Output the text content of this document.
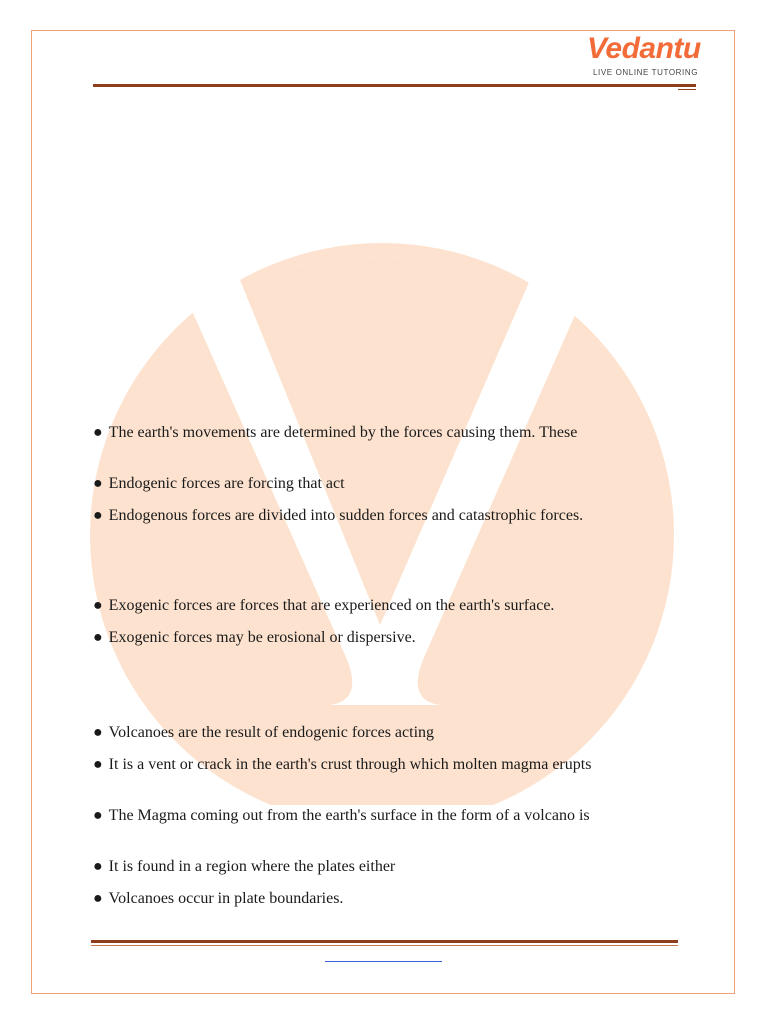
Vedantu
LIVE ONLINE TUTORING
● The earth's movements are determined by the forces causing them. These
● Endogenic forces are forcing that act
● Endogenous forces are divided into sudden forces and catastrophic forces.
● Exogenic forces are forces that are experienced on the earth's surface.
● Exogenic forces may be erosional or dispersive.
● Volcanoes are the result of endogenic forces acting
● It is a vent or crack in the earth's crust through which molten magma erupts
● The Magma coming out from the earth's surface in the form of a volcano is
● It is found in a region where the plates either
● Volcanoes occur in plate boundaries.
